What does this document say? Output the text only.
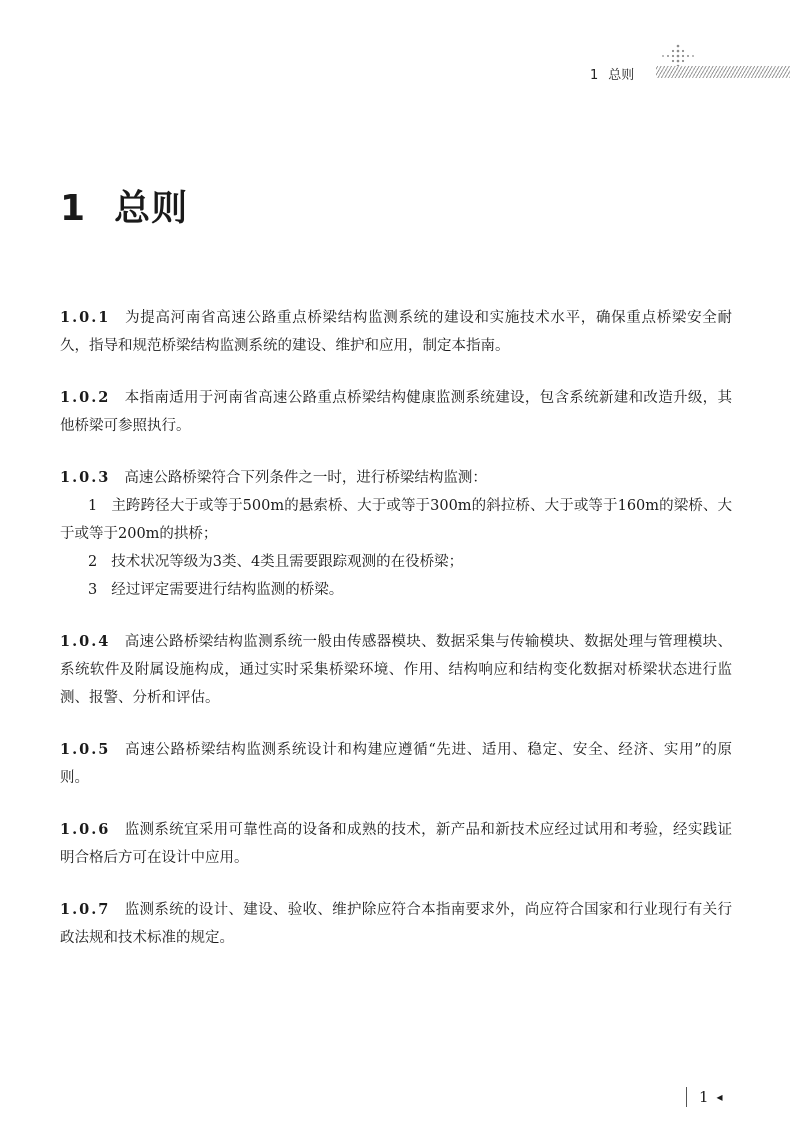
1 总则
1 总则

1.0.1 为提高河南省高速公路重点桥梁结构监测系统的建设和实施技术水平，确保重点桥梁安全耐久，指导和规范桥梁结构监测系统的建设、维护和应用，制定本指南。

1.0.2 本指南适用于河南省高速公路重点桥梁结构健康监测系统建设，包含系统新建和改造升级，其他桥梁可参照执行。

1.0.3 高速公路桥梁符合下列条件之一时，进行桥梁结构监测：

1 主跨跨径大于或等于500m的悬索桥、大于或等于300m的斜拉桥、大于或等于160m的梁桥、大于或等于200m的拱桥；

2 技术状况等级为3类、4类且需要跟踪观测的在役桥梁；

3 经过评定需要进行结构监测的桥梁。

1.0.4 高速公路桥梁结构监测系统一般由传感器模块、数据采集与传输模块、数据处理与管理模块、系统软件及附属设施构成，通过实时采集桥梁环境、作用、结构响应和结构变化数据对桥梁状态进行监测、报警、分析和评估。

1.0.5 高速公路桥梁结构监测系统设计和构建应遵循“先进、适用、稳定、安全、经济、实用”的原则。

1.0.6 监测系统宜采用可靠性高的设备和成熟的技术，新产品和新技术应经过试用和考验，经实践证明合格后方可在设计中应用。

1.0.7 监测系统的设计、建设、验收、维护除应符合本指南要求外，尚应符合国家和行业现行有关行政法规和技术标准的规定。

1 ◂
